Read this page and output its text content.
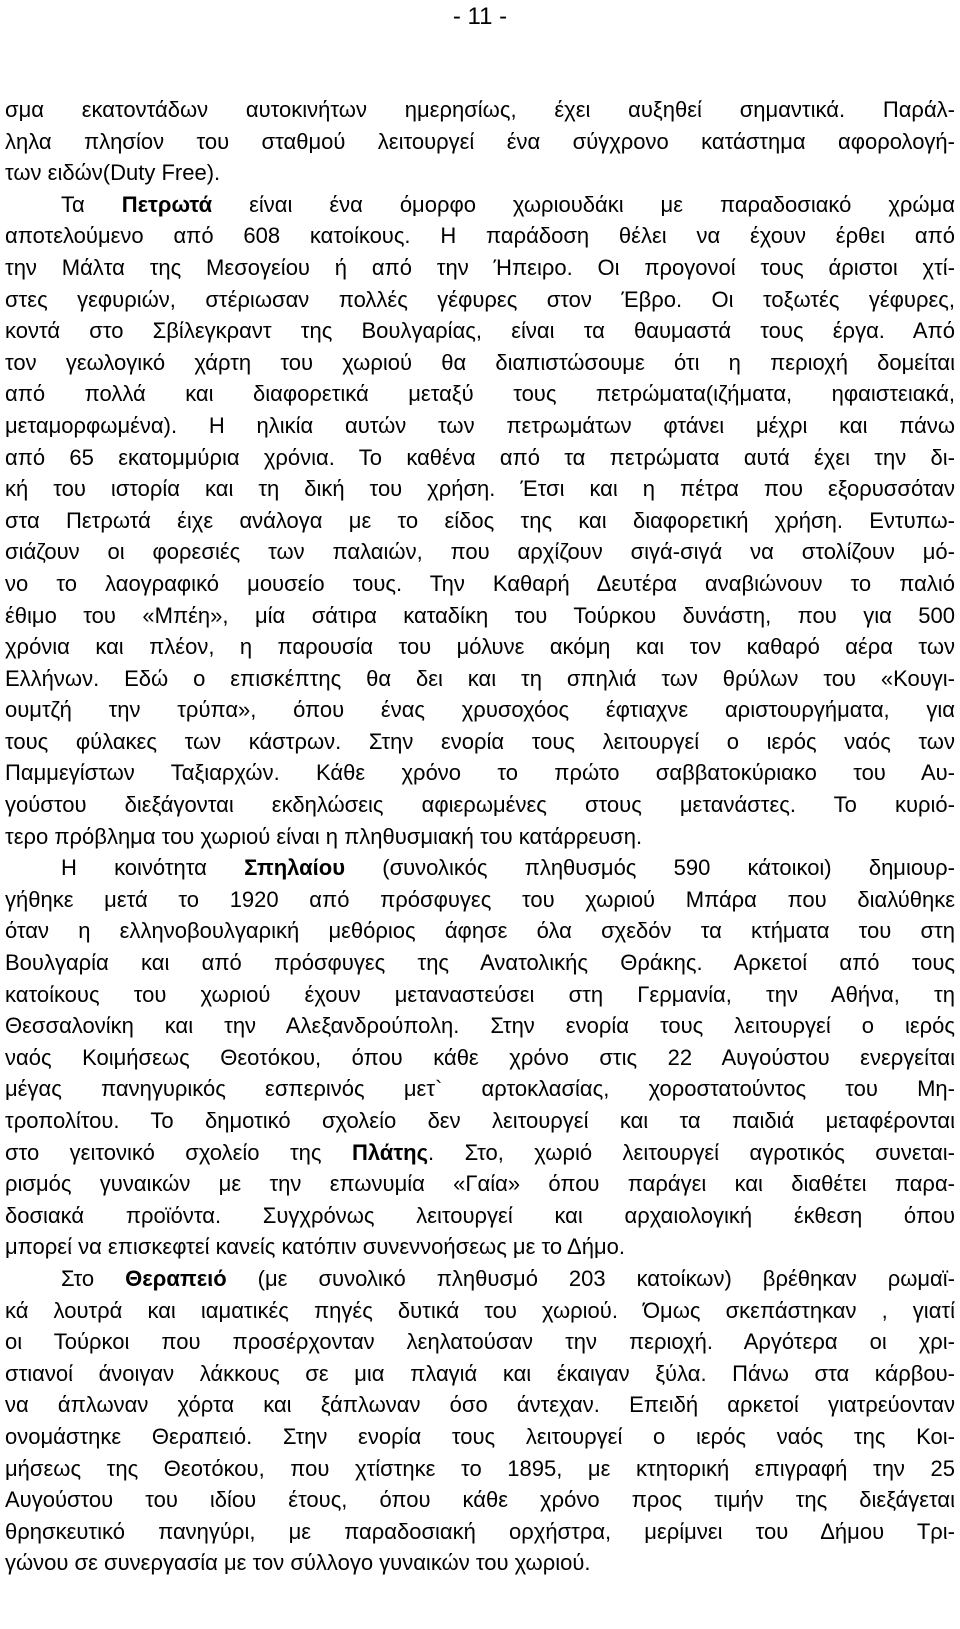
- 11 -
σμα εκατοντάδων αυτοκινήτων ημερησίως, έχει αυξηθεί σημαντικά. Παράλ-
ληλα πλησίον του σταθμού λειτουργεί ένα σύγχρονο κατάστημα αφορολογή-
των ειδών(Duty Free).
Τα Πετρωτά είναι ένα όμορφο χωριουδάκι με παραδοσιακό χρώμα
αποτελούμενο από 608 κατοίκους. Η παράδοση θέλει να έχουν έρθει από
την Μάλτα της Μεσογείου ή από την Ήπειρο. Οι προγονοί τους άριστοι χτί-
στες γεφυριών, στέριωσαν πολλές γέφυρες στον Έβρο. Οι τοξωτές γέφυρες,
κοντά στο Σβίλεγκραντ της Βουλγαρίας, είναι τα θαυμαστά τους έργα. Από
τον γεωλογικό χάρτη του χωριού θα διαπιστώσουμε ότι η περιοχή δομείται
από πολλά και διαφορετικά μεταξύ τους πετρώματα(ιζήματα, ηφαιστειακά,
μεταμορφωμένα). Η ηλικία αυτών των πετρωμάτων φτάνει μέχρι και πάνω
από 65 εκατομμύρια χρόνια. Το καθένα από τα πετρώματα αυτά έχει την δι-
κή του ιστορία και τη δική του χρήση. Έτσι και η πέτρα που εξορυσσόταν
στα Πετρωτά έιχε ανάλογα με το είδος της και διαφορετική χρήση. Εντυπω-
σιάζουν οι φορεσιές των παλαιών, που αρχίζουν σιγά-σιγά να στολίζουν μό-
νο το λαογραφικό μουσείο τους. Την Καθαρή Δευτέρα αναβιώνουν το παλιό
έθιμο του «Μπέη», μία σάτιρα καταδίκη του Τούρκου δυνάστη, που για 500
χρόνια και πλέον, η παρουσία του μόλυνε ακόμη και τον καθαρό αέρα των
Ελλήνων. Εδώ ο επισκέπτης θα δει και τη σπηλιά των θρύλων του «Κουγι-
ουμτζή την τρύπα», όπου ένας χρυσοχόος έφτιαχνε αριστουργήματα, για
τους φύλακες των κάστρων. Στην ενορία τους λειτουργεί ο ιερός ναός των
Παμμεγίστων Ταξιαρχών. Κάθε χρόνο το πρώτο σαββατοκύριακο του Αυ-
γούστου διεξάγονται εκδηλώσεις αφιερωμένες στους μετανάστες. Το κυριό-
τερο πρόβλημα του χωριού είναι η πληθυσμιακή του κατάρρευση.
Η κοινότητα Σπηλαίου (συνολικός πληθυσμός 590 κάτοικοι) δημιουρ-
γήθηκε μετά το 1920 από πρόσφυγες του χωριού Μπάρα που διαλύθηκε
όταν η ελληνοβουλγαρική μεθόριος άφησε όλα σχεδόν τα κτήματα του στη
Βουλγαρία και από πρόσφυγες της Ανατολικής Θράκης. Αρκετοί από τους
κατοίκους του χωριού έχουν μεταναστεύσει στη Γερμανία, την Αθήνα, τη
Θεσσαλονίκη και την Αλεξανδρούπολη. Στην ενορία τους λειτουργεί ο ιερός
ναός Κοιμήσεως Θεοτόκου, όπου κάθε χρόνο στις 22 Αυγούστου ενεργείται
μέγας πανηγυρικός εσπερινός μετ` αρτοκλασίας, χοροστατούντος του Μη-
τροπολίτου. Το δημοτικό σχολείο δεν λειτουργεί και τα παιδιά μεταφέρονται
στο γειτονικό σχολείο της Πλάτης. Στο, χωριό λειτουργεί αγροτικός συνεται-
ρισμός γυναικών με την επωνυμία «Γαία» όπου παράγει και διαθέτει παρα-
δοσιακά προϊόντα. Συγχρόνως λειτουργεί και αρχαιολογική έκθεση όπου
μπορεί να επισκεφτεί κανείς κατόπιν συνεννοήσεως με το Δήμο.
Στο Θεραπειό (με συνολικό πληθυσμό 203 κατοίκων) βρέθηκαν ρωμαϊ-
κά λουτρά και ιαματικές πηγές δυτικά του χωριού. Όμως σκεπάστηκαν , γιατί
οι Τούρκοι που προσέρχονταν λεηλατούσαν την περιοχή. Αργότερα οι χρι-
στιανοί άνοιγαν λάκκους σε μια πλαγιά και έκαιγαν ξύλα. Πάνω στα κάρβου-
να άπλωναν χόρτα και ξάπλωναν όσο άντεχαν. Επειδή αρκετοί γιατρεύονταν
ονομάστηκε Θεραπειό. Στην ενορία τους λειτουργεί ο ιερός ναός της Κοι-
μήσεως της Θεοτόκου, που χτίστηκε το 1895, με κτητορική επιγραφή την 25
Αυγούστου του ιδίου έτους, όπου κάθε χρόνο προς τιμήν της διεξάγεται
θρησκευτικό πανηγύρι, με παραδοσιακή ορχήστρα, μερίμνει του Δήμου Τρι-
γώνου σε συνεργασία με τον σύλλογο γυναικών του χωριού.
